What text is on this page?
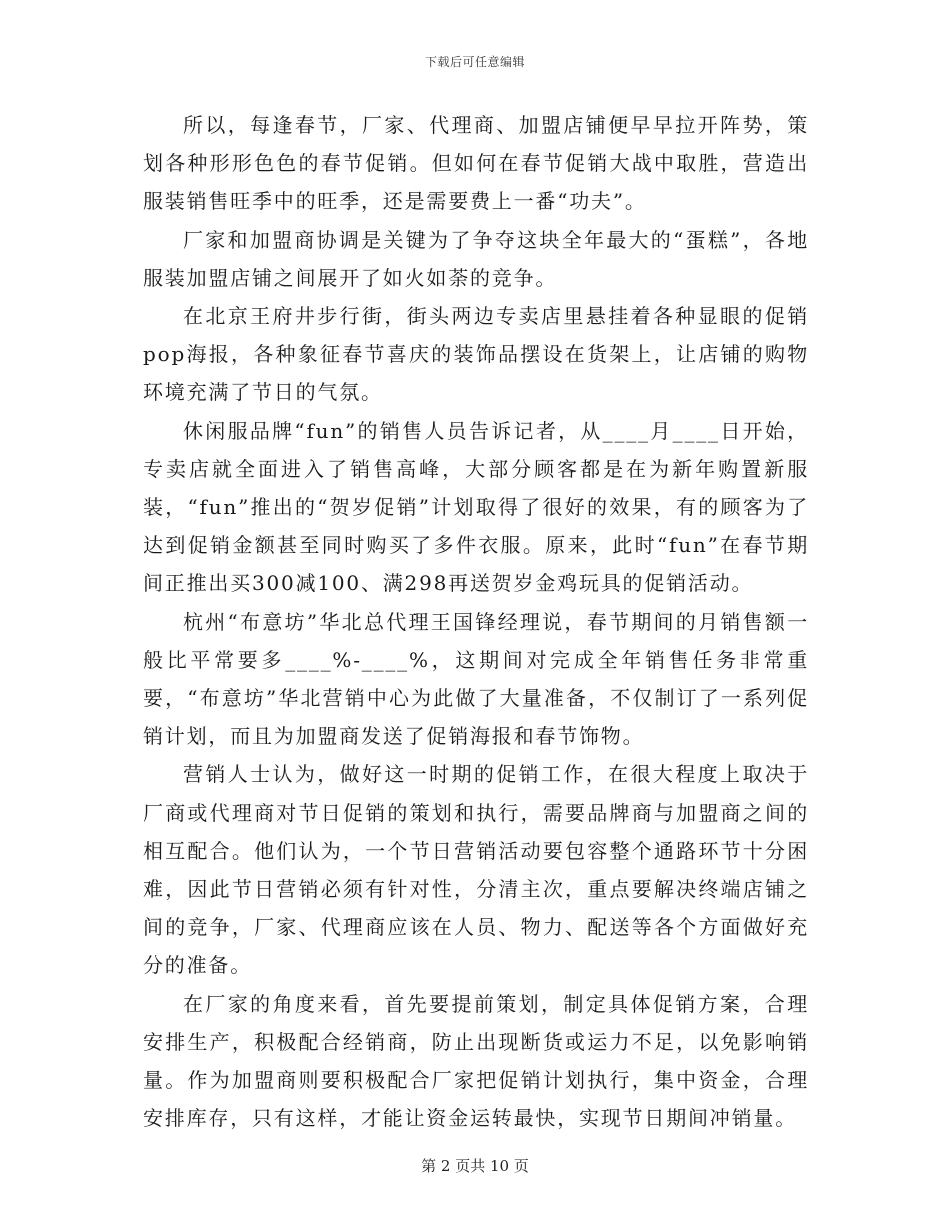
下载后可任意编辑

所以，每逢春节，厂家、代理商、加盟店铺便早早拉开阵势，策划各种形形色色的春节促销。但如何在春节促销大战中取胜，营造出服装销售旺季中的旺季，还是需要费上一番“功夫”。

厂家和加盟商协调是关键为了争夺这块全年最大的“蛋糕”，各地服装加盟店铺之间展开了如火如荼的竞争。

在北京王府井步行街，街头两边专卖店里悬挂着各种显眼的促销pop海报，各种象征春节喜庆的装饰品摆设在货架上，让店铺的购物环境充满了节日的气氛。

休闲服品牌“fun”的销售人员告诉记者，从____月____日开始，专卖店就全面进入了销售高峰，大部分顾客都是在为新年购置新服装，“fun”推出的“贺岁促销”计划取得了很好的效果，有的顾客为了达到促销金额甚至同时购买了多件衣服。原来，此时“fun”在春节期间正推出买300减100、满298再送贺岁金鸡玩具的促销活动。

杭州“布意坊”华北总代理王国锋经理说，春节期间的月销售额一般比平常要多____%-____%，这期间对完成全年销售任务非常重要，“布意坊”华北营销中心为此做了大量准备，不仅制订了一系列促销计划，而且为加盟商发送了促销海报和春节饰物。

营销人士认为，做好这一时期的促销工作，在很大程度上取决于厂商或代理商对节日促销的策划和执行，需要品牌商与加盟商之间的相互配合。他们认为，一个节日营销活动要包容整个通路环节十分困难，因此节日营销必须有针对性，分清主次，重点要解决终端店铺之间的竞争，厂家、代理商应该在人员、物力、配送等各个方面做好充分的准备。

在厂家的角度来看，首先要提前策划，制定具体促销方案，合理安排生产，积极配合经销商，防止出现断货或运力不足，以免影响销量。作为加盟商则要积极配合厂家把促销计划执行，集中资金，合理安排库存，只有这样，才能让资金运转最快，实现节日期间冲销量。

第 2 页共 10 页
